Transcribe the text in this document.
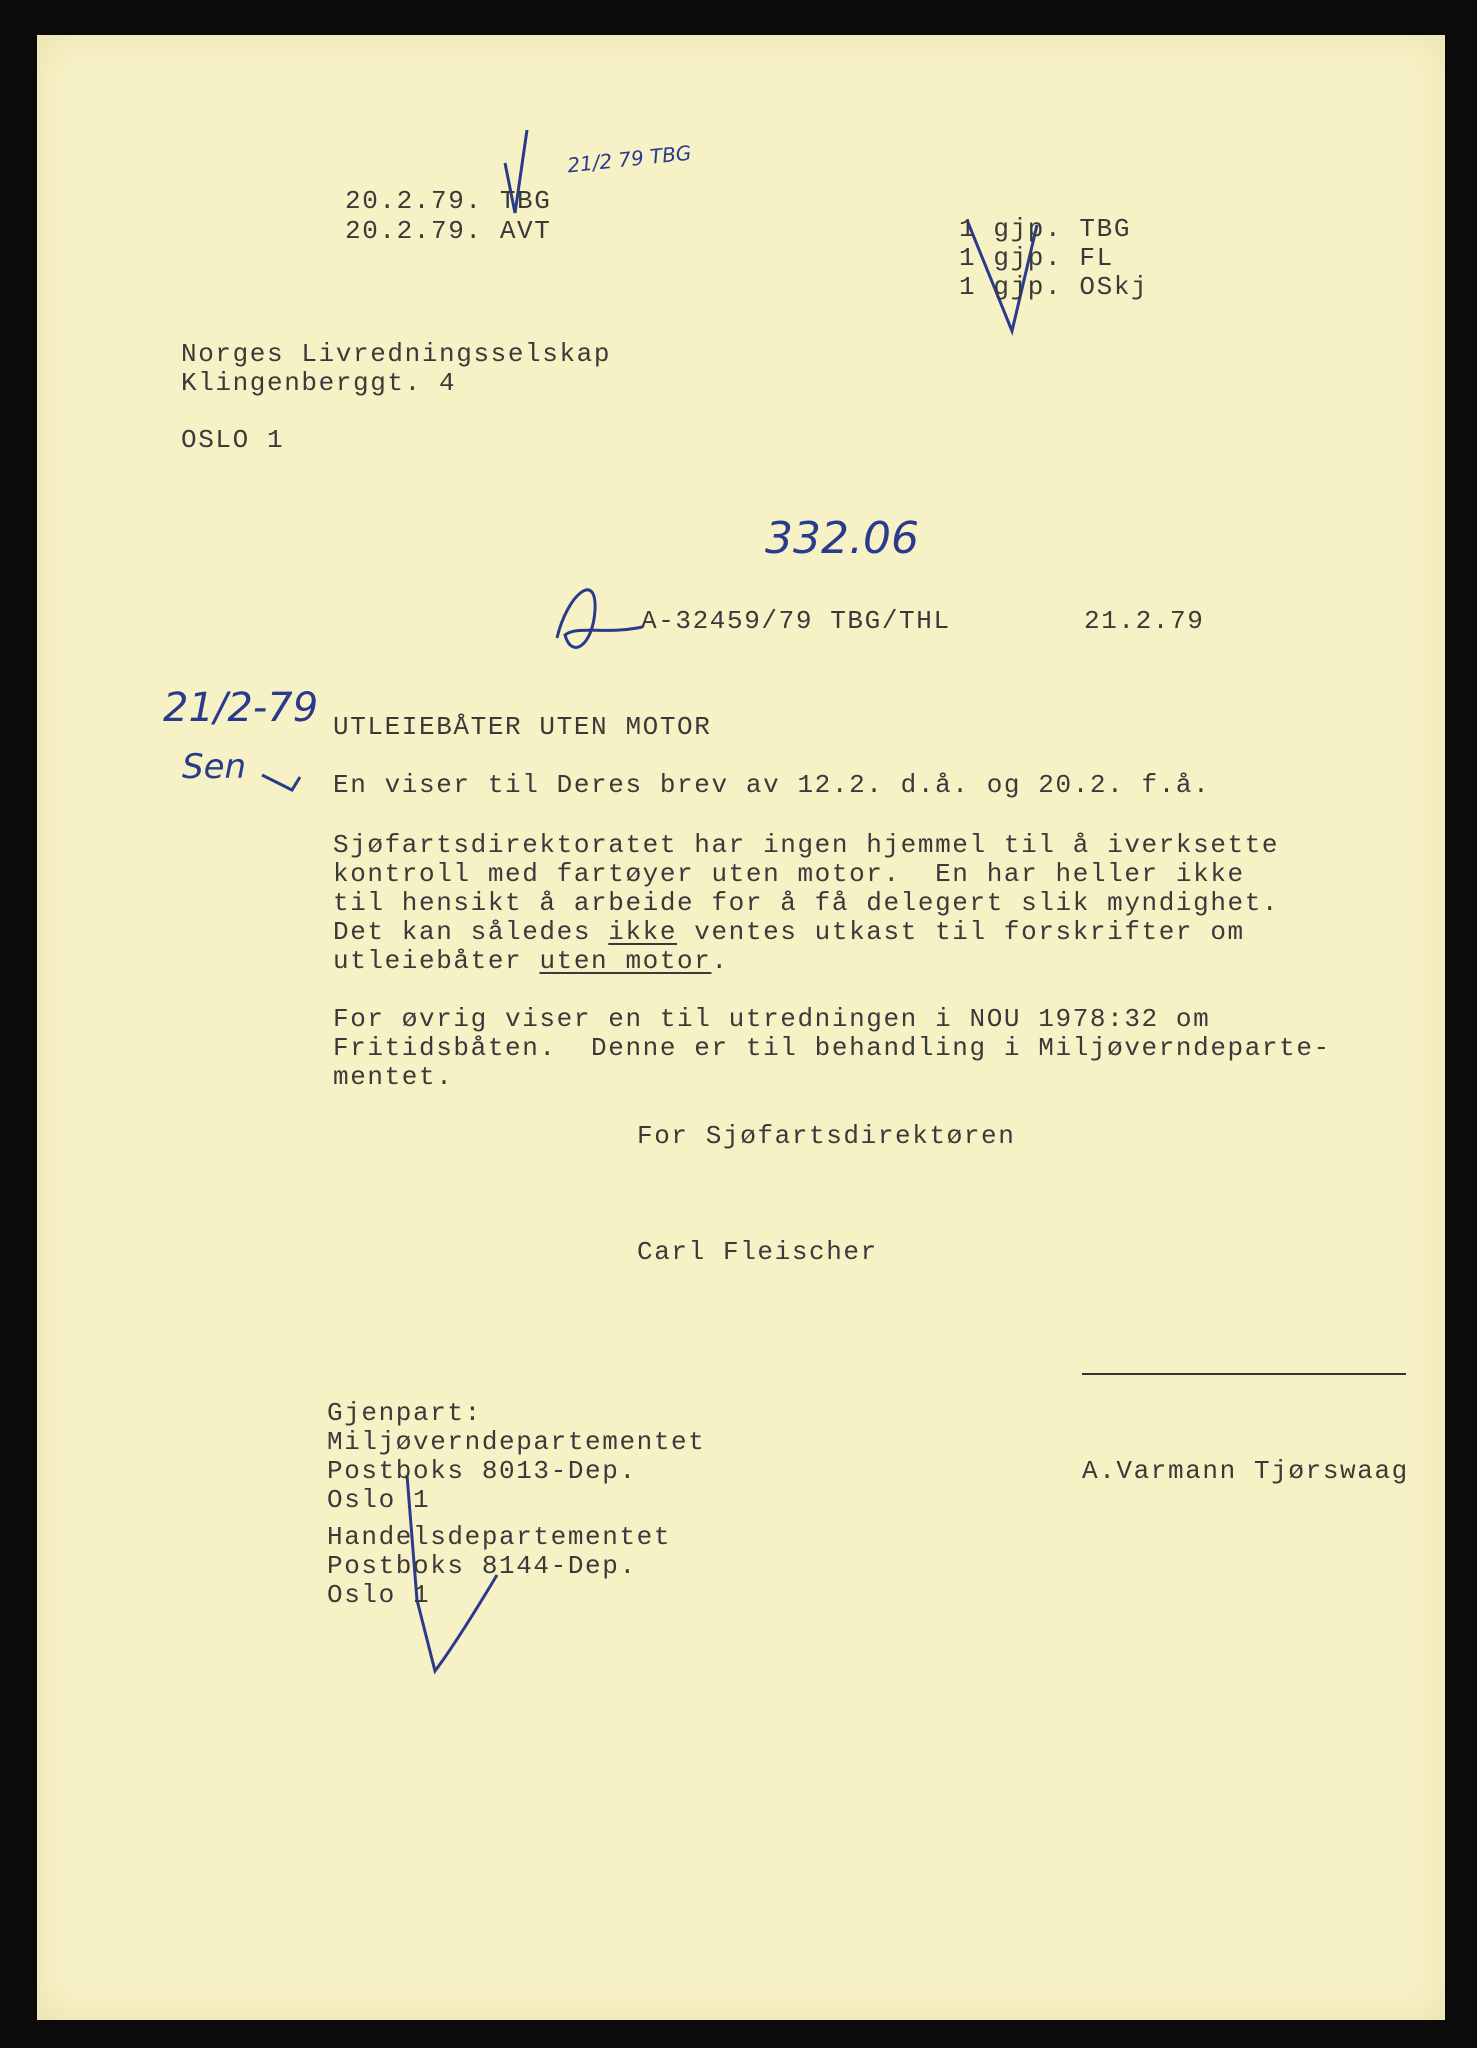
20.2.79. TBG
20.2.79. AVT
21/2 79 TBG
1 gjp. TBG
1 gjp. FL
1 gjp. OSkj
Norges Livredningsselskap
Klingenberggt. 4
OSLO 1
332.06
A-32459/79 TBG/THL	21.2.79
21/2-79
Sen
UTLEIEBÅTER UTEN MOTOR
En viser til Deres brev av 12.2. d.å. og 20.2. f.å.
Sjøfartsdirektoratet har ingen hjemmel til å iverksette
kontroll med fartøyer uten motor.  En har heller ikke
til hensikt å arbeide for å få delegert slik myndighet.
Det kan således ikke ventes utkast til forskrifter om
utleiebåter uten motor.
For øvrig viser en til utredningen i NOU 1978:32 om
Fritidsbåten.  Denne er til behandling i Miljøverndeparte-
mentet.
For Sjøfartsdirektøren
Carl Fleischer
A.Varmann Tjørswaag
Gjenpart:
Miljøverndepartementet
Postboks 8013-Dep.
Oslo 1
Handelsdepartementet
Postboks 8144-Dep.
Oslo 1
